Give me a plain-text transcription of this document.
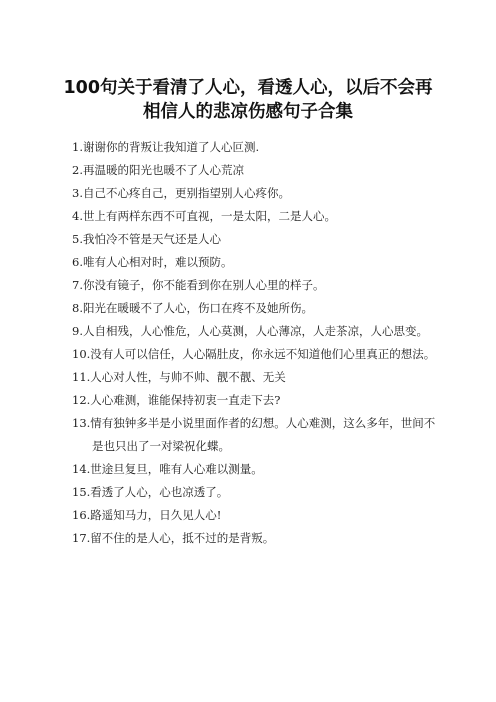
100句关于看清了人心，看透人心，以后不会再相信人的悲凉伤感句子合集
1.谢谢你的背叛让我知道了人心叵测.
2.再温暖的阳光也暖不了人心荒凉
3.自己不心疼自己，更别指望别人心疼你。
4.世上有两样东西不可直视，一是太阳，二是人心。
5.我怕冷不管是天气还是人心
6.唯有人心相对时，难以预防。
7.你没有镜子，你不能看到你在别人心里的样子。
8.阳光在暖暖不了人心，伤口在疼不及她所伤。
9.人自相残，人心惟危，人心莫测，人心薄凉，人走茶凉，人心思变。
10.没有人可以信任，人心隔肚皮，你永远不知道他们心里真正的想法。
11.人心对人性，与帅不帅、靓不靓、无关
12.人心难测，谁能保持初衷一直走下去?
13.情有独钟多半是小说里面作者的幻想。人心难测，这么多年，世间不是也只出了一对梁祝化蝶。
14.世途旦复旦，唯有人心难以测量。
15.看透了人心，心也凉透了。
16.路遥知马力，日久见人心!
17.留不住的是人心，抵不过的是背叛。
